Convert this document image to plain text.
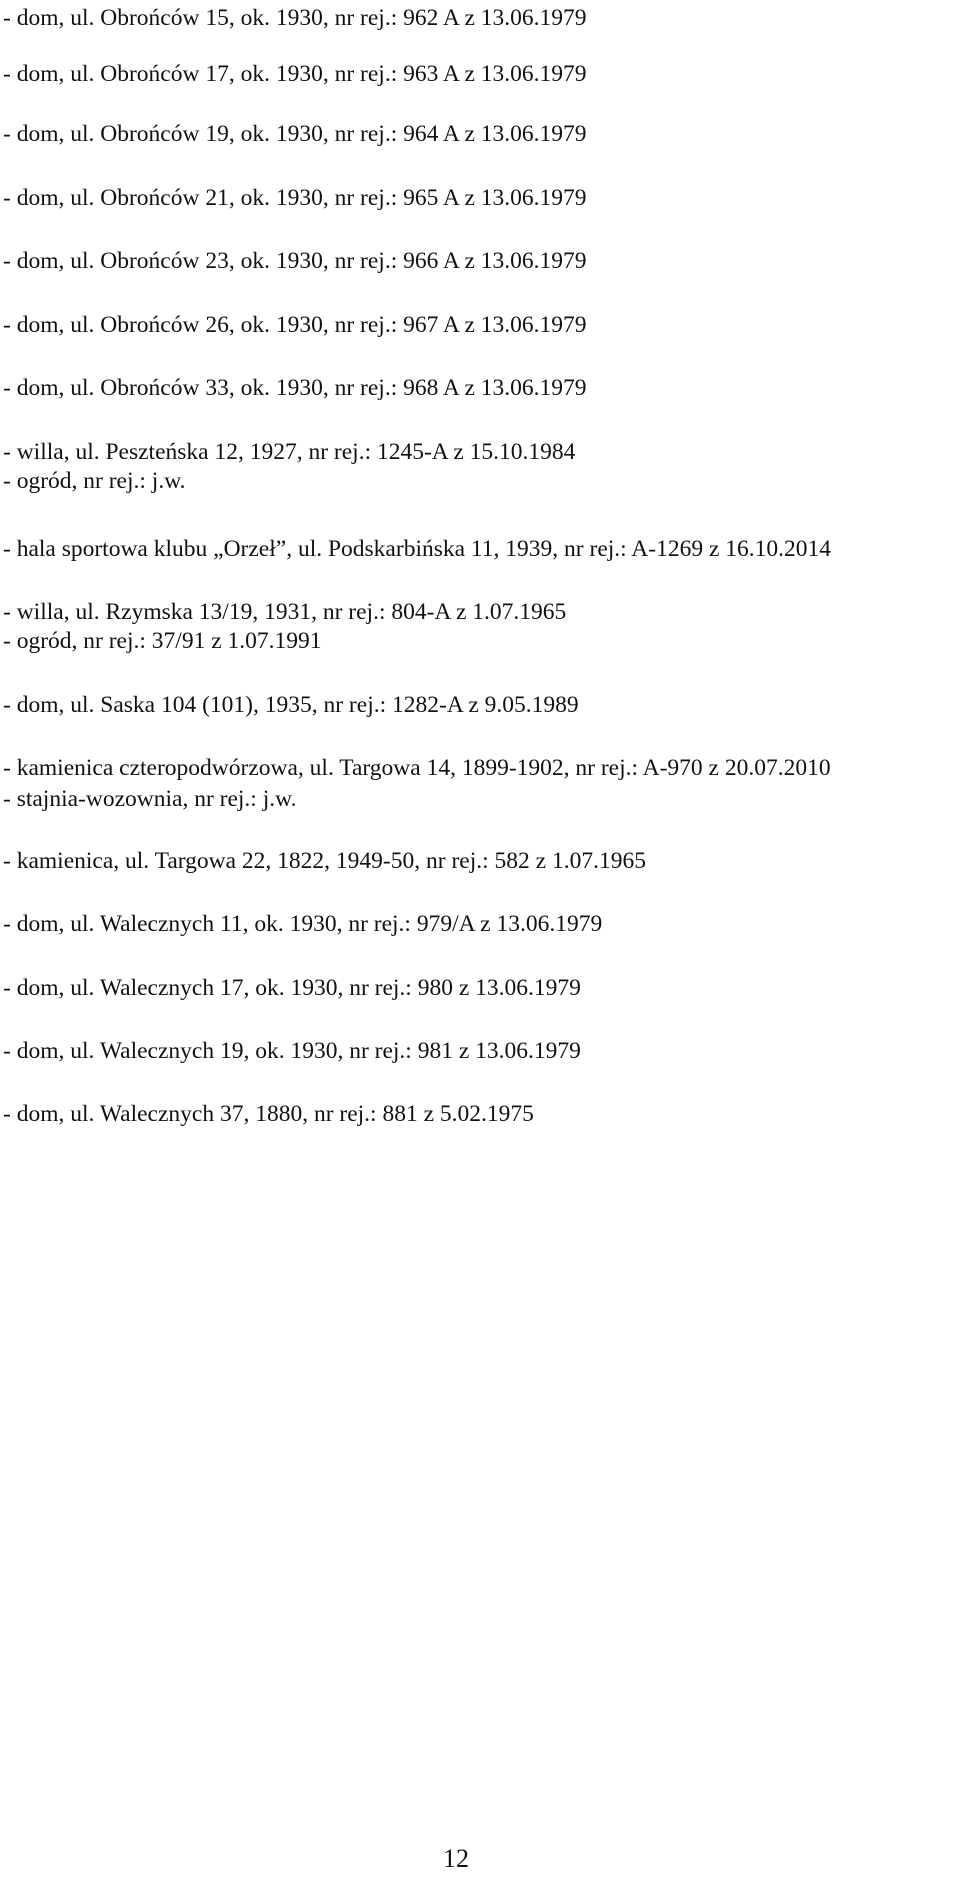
- dom, ul. Obrońców 15, ok. 1930, nr rej.: 962 A z 13.06.1979
- dom, ul. Obrońców 17, ok. 1930, nr rej.: 963 A z 13.06.1979
- dom, ul. Obrońców 19, ok. 1930, nr rej.: 964 A z 13.06.1979
- dom, ul. Obrońców 21, ok. 1930, nr rej.: 965 A z 13.06.1979
- dom, ul. Obrońców 23, ok. 1930, nr rej.: 966 A z 13.06.1979
- dom, ul. Obrońców 26, ok. 1930, nr rej.: 967 A z 13.06.1979
- dom, ul. Obrońców 33, ok. 1930, nr rej.: 968 A z 13.06.1979
- willa, ul. Peszteńska 12, 1927, nr rej.: 1245-A z 15.10.1984
- ogród, nr rej.: j.w.
- hala sportowa klubu „Orzeł”, ul. Podskarbińska 11, 1939, nr rej.: A-1269 z 16.10.2014
- willa, ul. Rzymska 13/19, 1931, nr rej.: 804-A z 1.07.1965
- ogród, nr rej.: 37/91 z 1.07.1991
- dom, ul. Saska 104 (101), 1935, nr rej.: 1282-A z 9.05.1989
- kamienica czteropodwórzowa, ul. Targowa 14, 1899-1902, nr rej.: A-970 z 20.07.2010
- stajnia-wozownia, nr rej.: j.w.
- kamienica, ul. Targowa 22, 1822, 1949-50, nr rej.: 582 z 1.07.1965
- dom, ul. Walecznych 11, ok. 1930, nr rej.: 979/A z 13.06.1979
- dom, ul. Walecznych 17, ok. 1930, nr rej.: 980 z 13.06.1979
- dom, ul. Walecznych 19, ok. 1930, nr rej.: 981 z 13.06.1979
- dom, ul. Walecznych 37, 1880, nr rej.: 881 z 5.02.1975
12
